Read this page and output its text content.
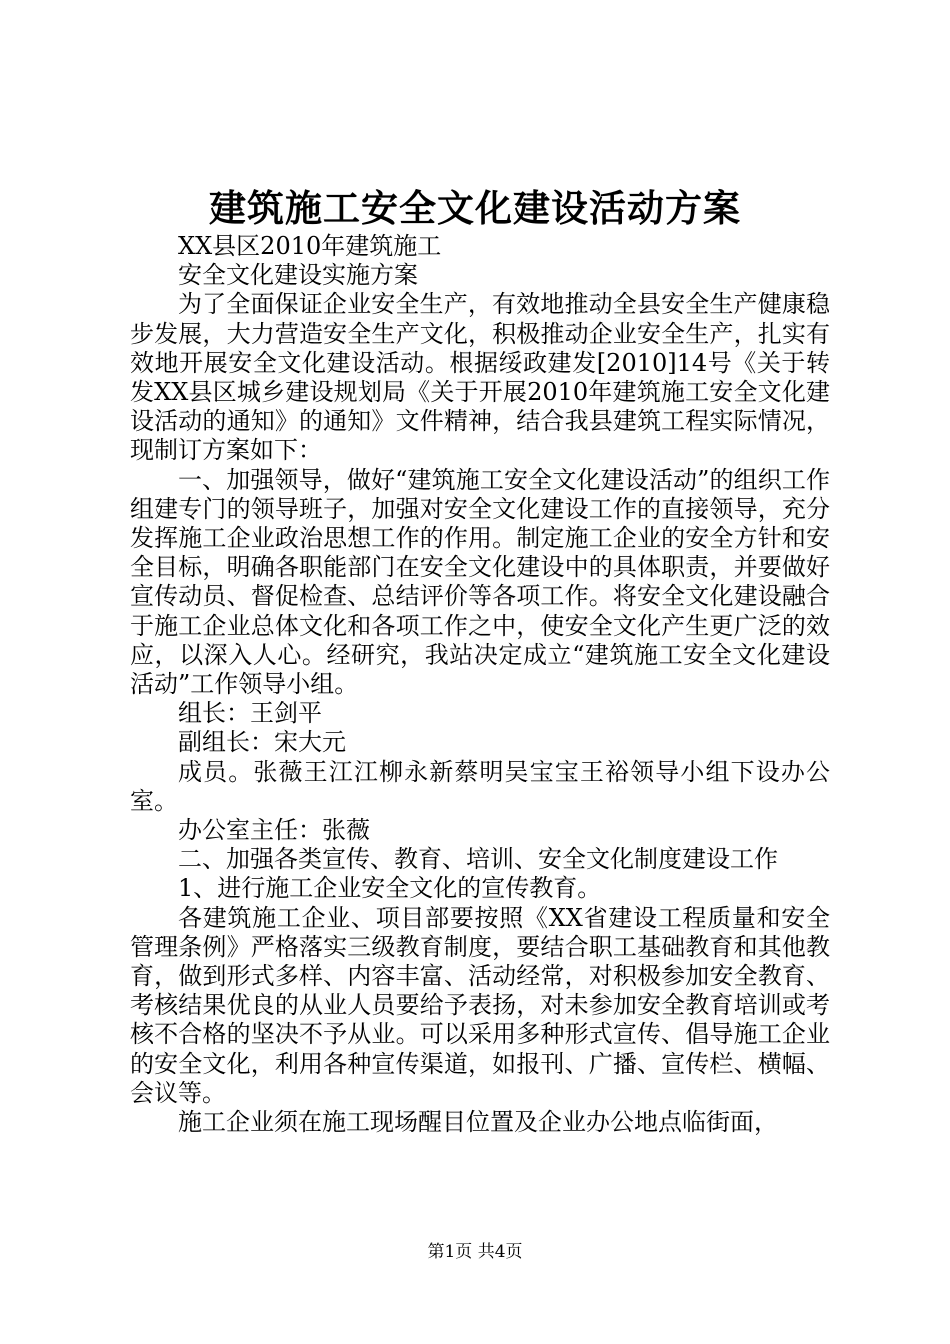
建筑施工安全文化建设活动方案

XX县区2010年建筑施工

安全文化建设实施方案

为了全面保证企业安全生产，有效地推动全县安全生产健康稳步发展，大力营造安全生产文化，积极推动企业安全生产，扎实有效地开展安全文化建设活动。根据绥政建发[2010]14号《关于转发XX县区城乡建设规划局《关于开展2010年建筑施工安全文化建设活动的通知》的通知》文件精神，结合我县建筑工程实际情况，现制订方案如下：

一、加强领导，做好“建筑施工安全文化建设活动”的组织工作组建专门的领导班子，加强对安全文化建设工作的直接领导，充分发挥施工企业政治思想工作的作用。制定施工企业的安全方针和安全目标，明确各职能部门在安全文化建设中的具体职责，并要做好宣传动员、督促检查、总结评价等各项工作。将安全文化建设融合于施工企业总体文化和各项工作之中，使安全文化产生更广泛的效应，以深入人心。经研究，我站决定成立“建筑施工安全文化建设活动”工作领导小组。

组长：王剑平

副组长：宋大元

成员。张薇王江江柳永新蔡明吴宝宝王裕领导小组下设办公室。

办公室主任：张薇

二、加强各类宣传、教育、培训、安全文化制度建设工作

1、进行施工企业安全文化的宣传教育。

各建筑施工企业、项目部要按照《XX省建设工程质量和安全管理条例》严格落实三级教育制度，要结合职工基础教育和其他教育，做到形式多样、内容丰富、活动经常，对积极参加安全教育、考核结果优良的从业人员要给予表扬，对未参加安全教育培训或考核不合格的坚决不予从业。可以采用多种形式宣传、倡导施工企业的安全文化，利用各种宣传渠道，如报刊、广播、宣传栏、横幅、会议等。

施工企业须在施工现场醒目位置及企业办公地点临街面，

第1页 共4页
